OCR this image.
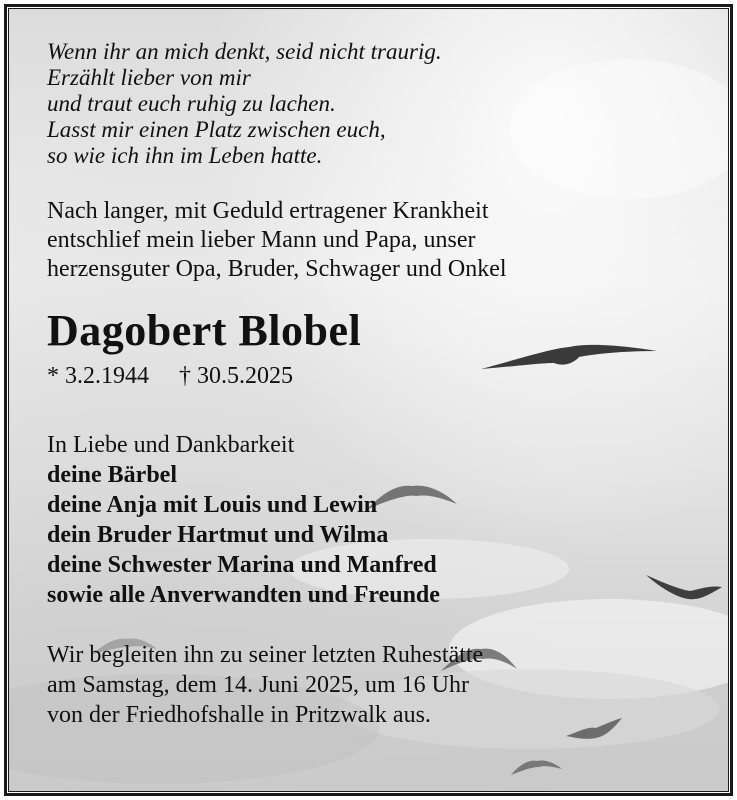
Wenn ihr an mich denkt, seid nicht traurig.
Erzählt lieber von mir
und traut euch ruhig zu lachen.
Lasst mir einen Platz zwischen euch,
so wie ich ihn im Leben hatte.
Nach langer, mit Geduld ertragener Krankheit
entschlief mein lieber Mann und Papa, unser
herzensguter Opa, Bruder, Schwager und Onkel
Dagobert Blobel
* 3.2.1944 † 30.5.2025
In Liebe und Dankbarkeit
deine Bärbel
deine Anja mit Louis und Lewin
dein Bruder Hartmut und Wilma
deine Schwester Marina und Manfred
sowie alle Anverwandten und Freunde
Wir begleiten ihn zu seiner letzten Ruhestätte
am Samstag, dem 14. Juni 2025, um 16 Uhr
von der Friedhofshalle in Pritzwalk aus.
